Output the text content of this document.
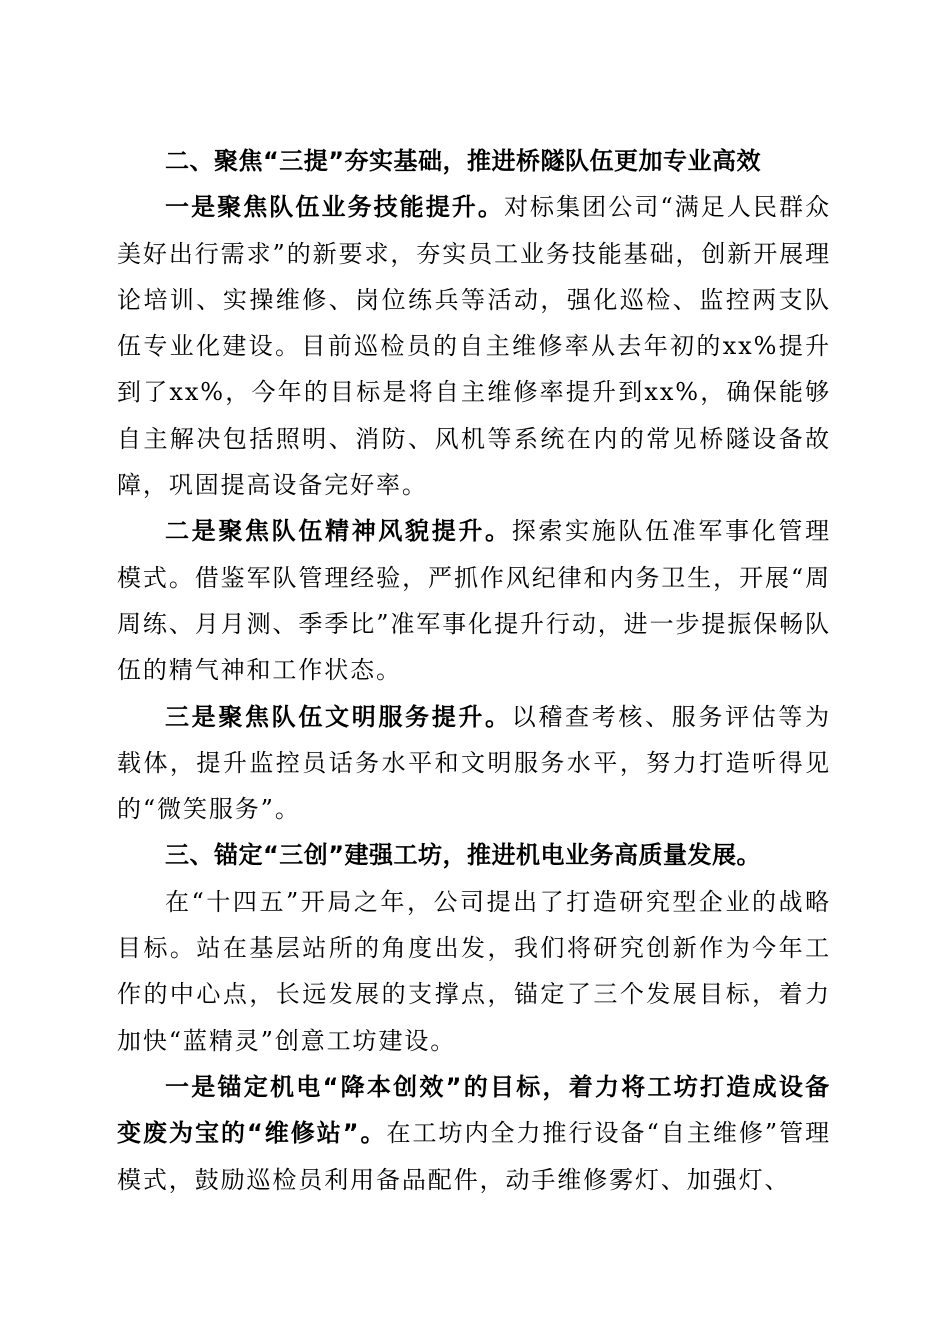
二、聚焦“三提”夯实基础，推进桥隧队伍更加专业高效

一是聚焦队伍业务技能提升。对标集团公司“满足人民群众美好出行需求”的新要求，夯实员工业务技能基础，创新开展理论培训、实操维修、岗位练兵等活动，强化巡检、监控两支队伍专业化建设。目前巡检员的自主维修率从去年初的xx%提升到了xx%，今年的目标是将自主维修率提升到xx%，确保能够自主解决包括照明、消防、风机等系统在内的常见桥隧设备故障，巩固提高设备完好率。

二是聚焦队伍精神风貌提升。探索实施队伍准军事化管理模式。借鉴军队管理经验，严抓作风纪律和内务卫生，开展“周周练、月月测、季季比”准军事化提升行动，进一步提振保畅队伍的精气神和工作状态。

三是聚焦队伍文明服务提升。以稽查考核、服务评估等为载体，提升监控员话务水平和文明服务水平，努力打造听得见的“微笑服务”。

三、锚定“三创”建强工坊，推进机电业务高质量发展。

在“十四五”开局之年，公司提出了打造研究型企业的战略目标。站在基层站所的角度出发，我们将研究创新作为今年工作的中心点，长远发展的支撑点，锚定了三个发展目标，着力加快“蓝精灵”创意工坊建设。

一是锚定机电“降本创效”的目标，着力将工坊打造成设备变废为宝的“维修站”。在工坊内全力推行设备“自主维修”管理模式，鼓励巡检员利用备品配件，动手维修雾灯、加强灯、
